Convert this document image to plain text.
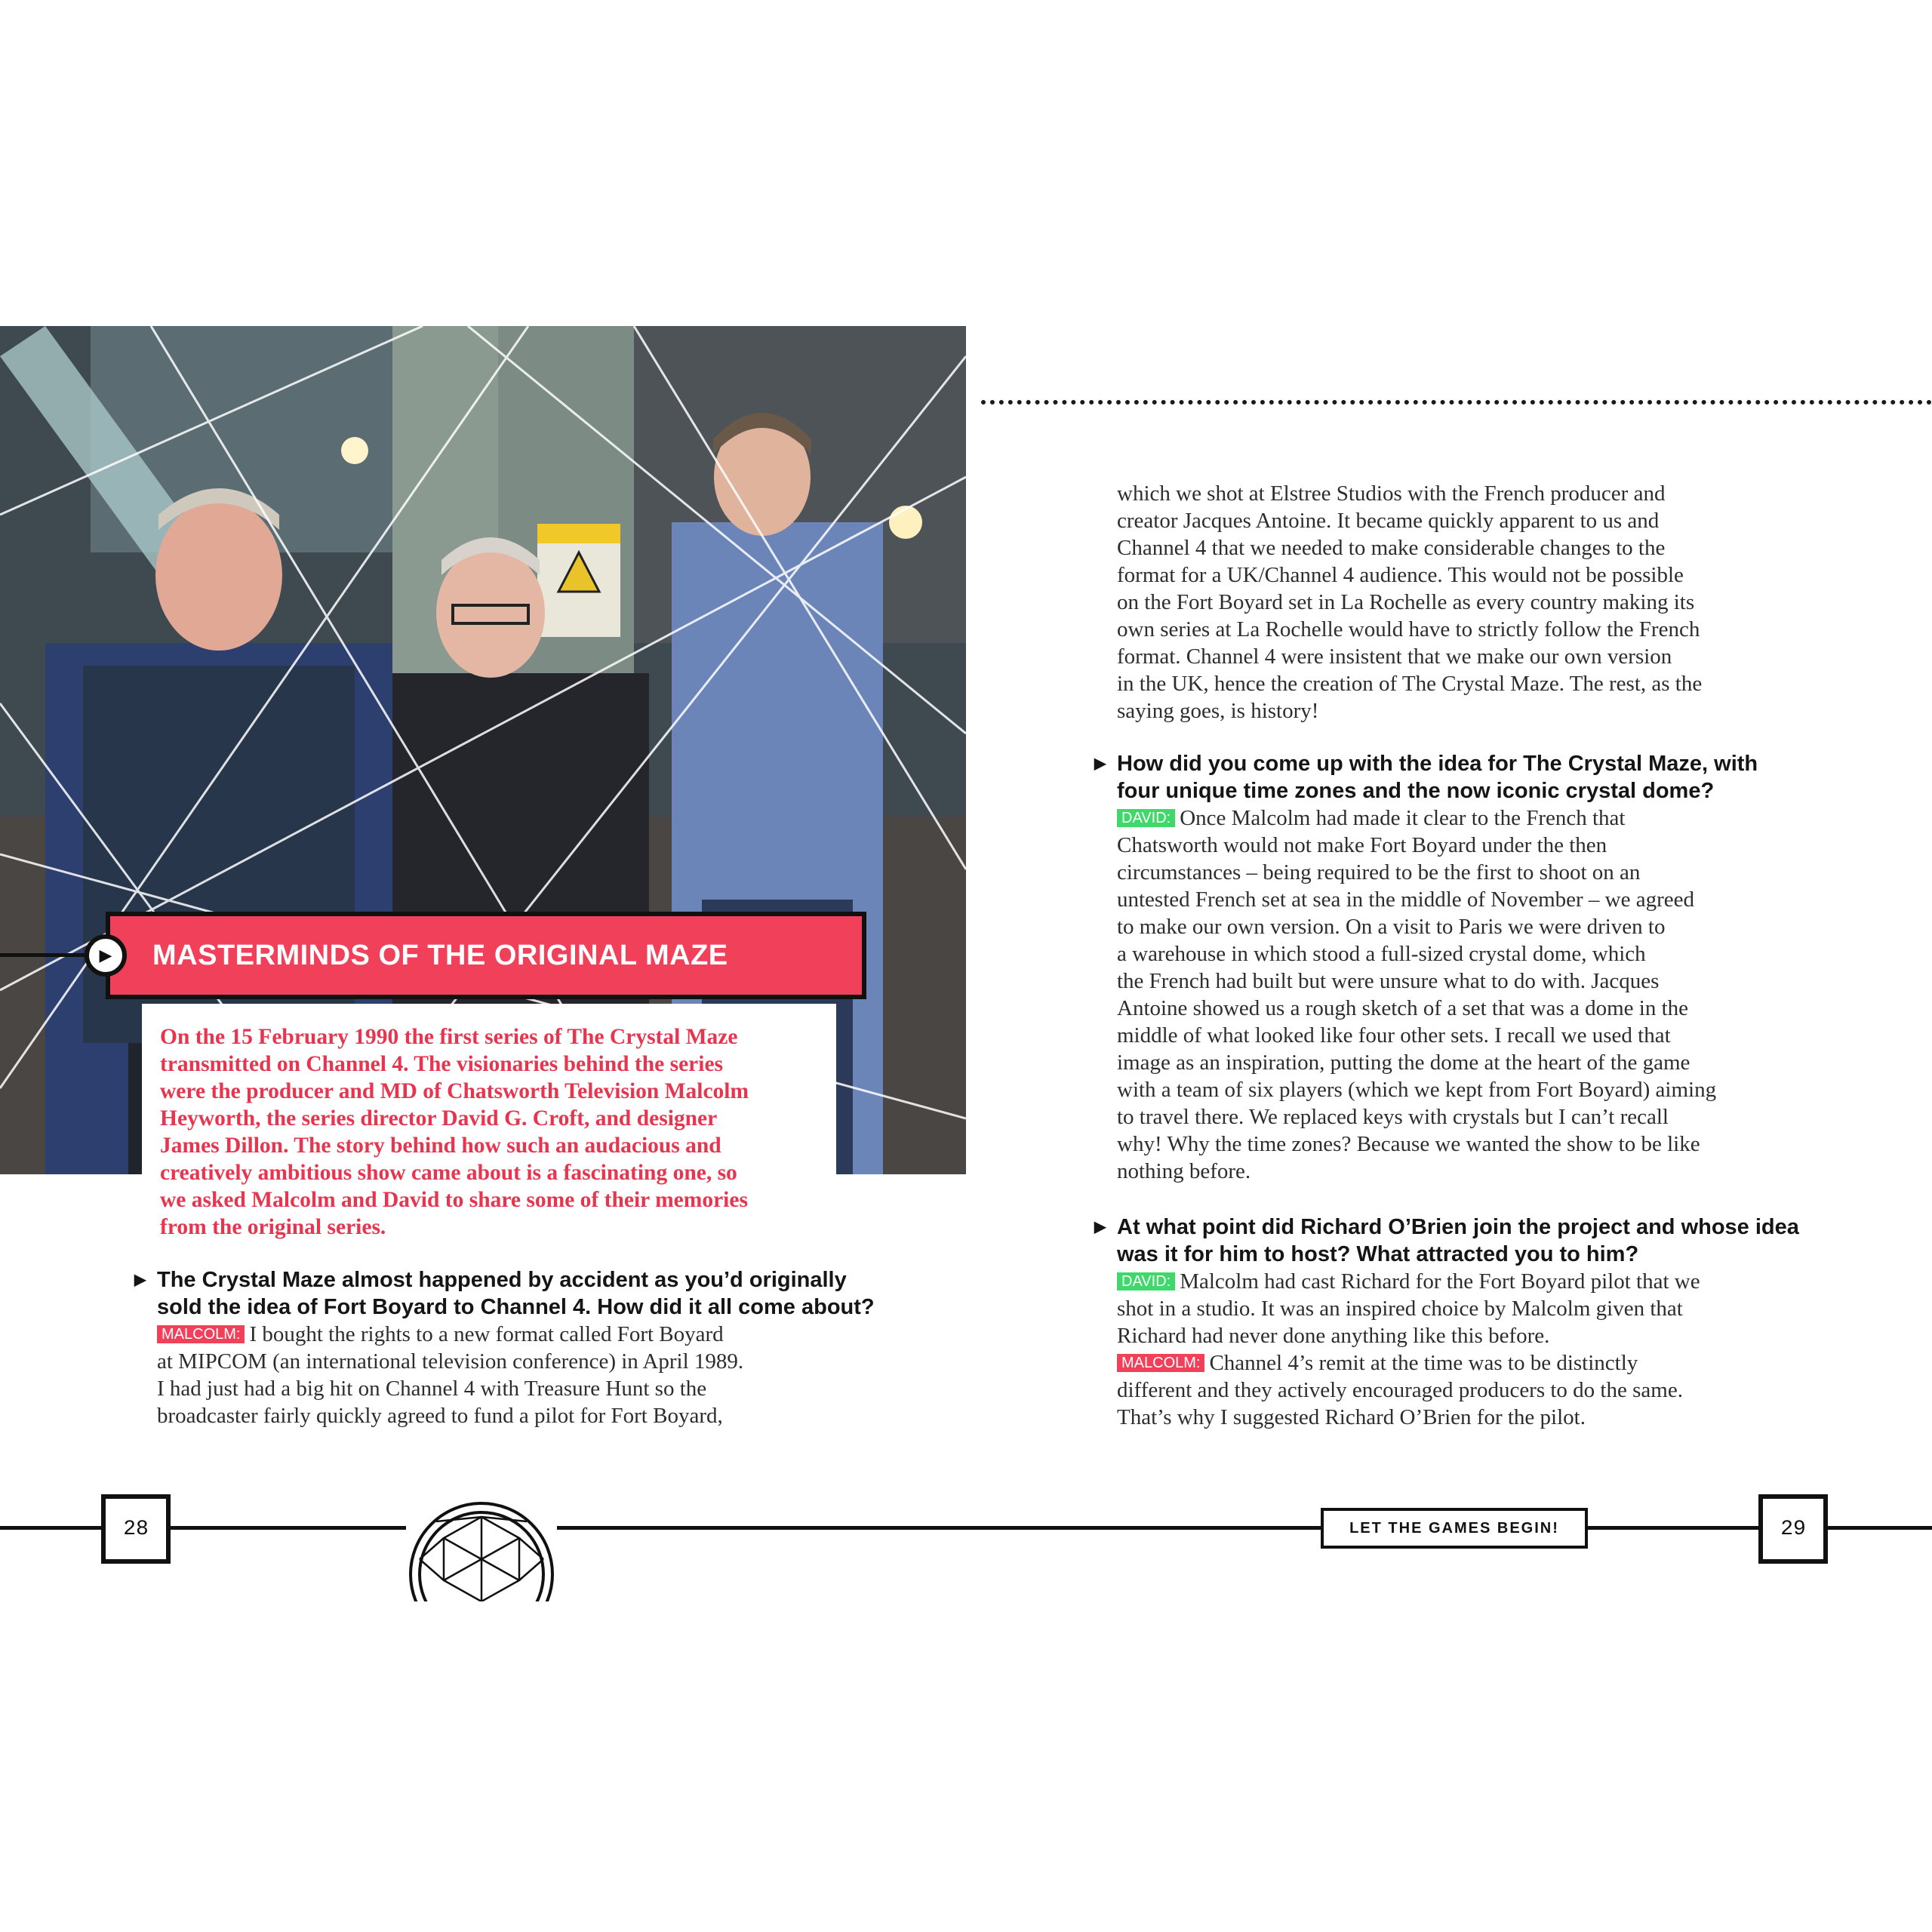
MASTERMINDS OF THE ORIGINAL MAZE
▶

On the 15 February 1990 the first series of The Crystal Maze
transmitted on Channel 4. The visionaries behind the series
were the producer and MD of Chatsworth Television Malcolm
Heyworth, the series director David G. Croft, and designer
James Dillon. The story behind how such an audacious and
creatively ambitious show came about is a fascinating one, so
we asked Malcolm and David to share some of their memories
from the original series.

▶ The Crystal Maze almost happened by accident as you’d originally
sold the idea of Fort Boyard to Channel 4. How did it all come about?

MALCOLM: I bought the rights to a new format called Fort Boyard
at MIPCOM (an international television conference) in April 1989.
I had just had a big hit on Channel 4 with Treasure Hunt so the
broadcaster fairly quickly agreed to fund a pilot for Fort Boyard,

which we shot at Elstree Studios with the French producer and
creator Jacques Antoine. It became quickly apparent to us and
Channel 4 that we needed to make considerable changes to the
format for a UK/Channel 4 audience. This would not be possible
on the Fort Boyard set in La Rochelle as every country making its
own series at La Rochelle would have to strictly follow the French
format. Channel 4 were insistent that we make our own version
in the UK, hence the creation of The Crystal Maze. The rest, as the
saying goes, is history!

▶ How did you come up with the idea for The Crystal Maze, with
four unique time zones and the now iconic crystal dome?

DAVID: Once Malcolm had made it clear to the French that
Chatsworth would not make Fort Boyard under the then
circumstances – being required to be the first to shoot on an
untested French set at sea in the middle of November – we agreed
to make our own version. On a visit to Paris we were driven to
a warehouse in which stood a full-sized crystal dome, which
the French had built but were unsure what to do with. Jacques
Antoine showed us a rough sketch of a set that was a dome in the
middle of what looked like four other sets. I recall we used that
image as an inspiration, putting the dome at the heart of the game
with a team of six players (which we kept from Fort Boyard) aiming
to travel there. We replaced keys with crystals but I can’t recall
why! Why the time zones? Because we wanted the show to be like
nothing before.

▶ At what point did Richard O’Brien join the project and whose idea
was it for him to host? What attracted you to him?

DAVID: Malcolm had cast Richard for the Fort Boyard pilot that we
shot in a studio. It was an inspired choice by Malcolm given that
Richard had never done anything like this before.
MALCOLM: Channel 4’s remit at the time was to be distinctly
different and they actively encouraged producers to do the same.
That’s why I suggested Richard O’Brien for the pilot.

28	29
LET THE GAMES BEGIN!
